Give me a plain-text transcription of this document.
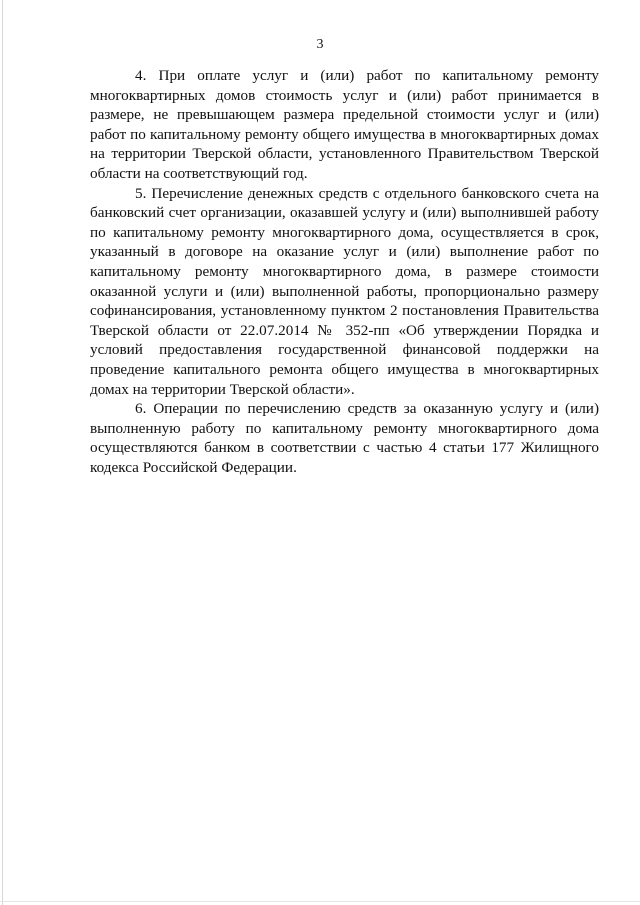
3

4. При оплате услуг и (или) работ по капитальному ремонту многоквартирных домов стоимость услуг и (или) работ принимается в размере, не превышающем размера предельной стоимости услуг и (или) работ по капитальному ремонту общего имущества в многоквартирных домах на территории Тверской области, установленного Правительством Тверской области на соответствующий год.

5. Перечисление денежных средств с отдельного банковского счета на банковский счет организации, оказавшей услугу и (или) выполнившей работу по капитальному ремонту многоквартирного дома, осуществляется в срок, указанный в договоре на оказание услуг и (или) выполнение работ по капитальному ремонту многоквартирного дома, в размере стоимости оказанной услуги и (или) выполненной работы, пропорционально размеру софинансирования, установленному пунктом 2 постановления Правительства Тверской области от 22.07.2014 № 352-пп «Об утверждении Порядка и условий предоставления государственной финансовой поддержки на проведение капитального ремонта общего имущества в многоквартирных домах на территории Тверской области».

6. Операции по перечислению средств за оказанную услугу и (или) выполненную работу по капитальному ремонту многоквартирного дома осуществляются банком в соответствии с частью 4 статьи 177 Жилищного кодекса Российской Федерации.
